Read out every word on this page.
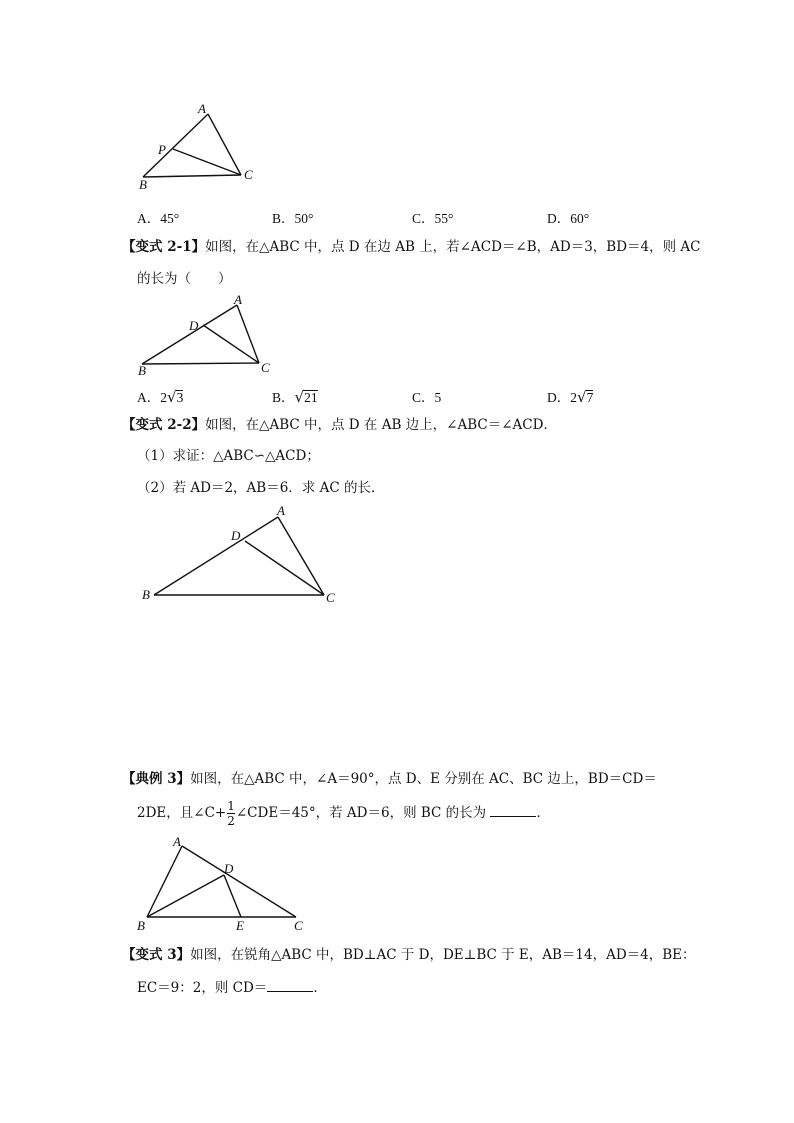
A
P
B
C
A．45°	B．50°	C．55°	D．60°
【变式 2-1】如图，在△ABC 中，点 D 在边 AB 上，若∠ACD＝∠B，AD＝3，BD＝4，则 AC
的长为（　　）
A
D
B	C
A．2√3	B．√21	C．5	D．2√7
【变式 2-2】如图，在△ABC 中，点 D 在 AB 边上，∠ABC＝∠ACD．
（1）求证：△ABC∽△ACD；
（2）若 AD＝2，AB＝6．求 AC 的长．
A
D
B	C
【典例 3】如图，在△ABC 中，∠A＝90°，点 D、E 分别在 AC、BC 边上，BD＝CD＝
2DE，且∠C+ $\frac{1}{2}$ ∠CDE＝45°，若 AD＝6，则 BC 的长为	．
A
D
B	E	C
【变式 3】如图，在锐角△ABC 中，BD⊥AC 于 D，DE⊥BC 于 E，AB＝14，AD＝4，BE：
EC＝9：2，则 CD＝	．
